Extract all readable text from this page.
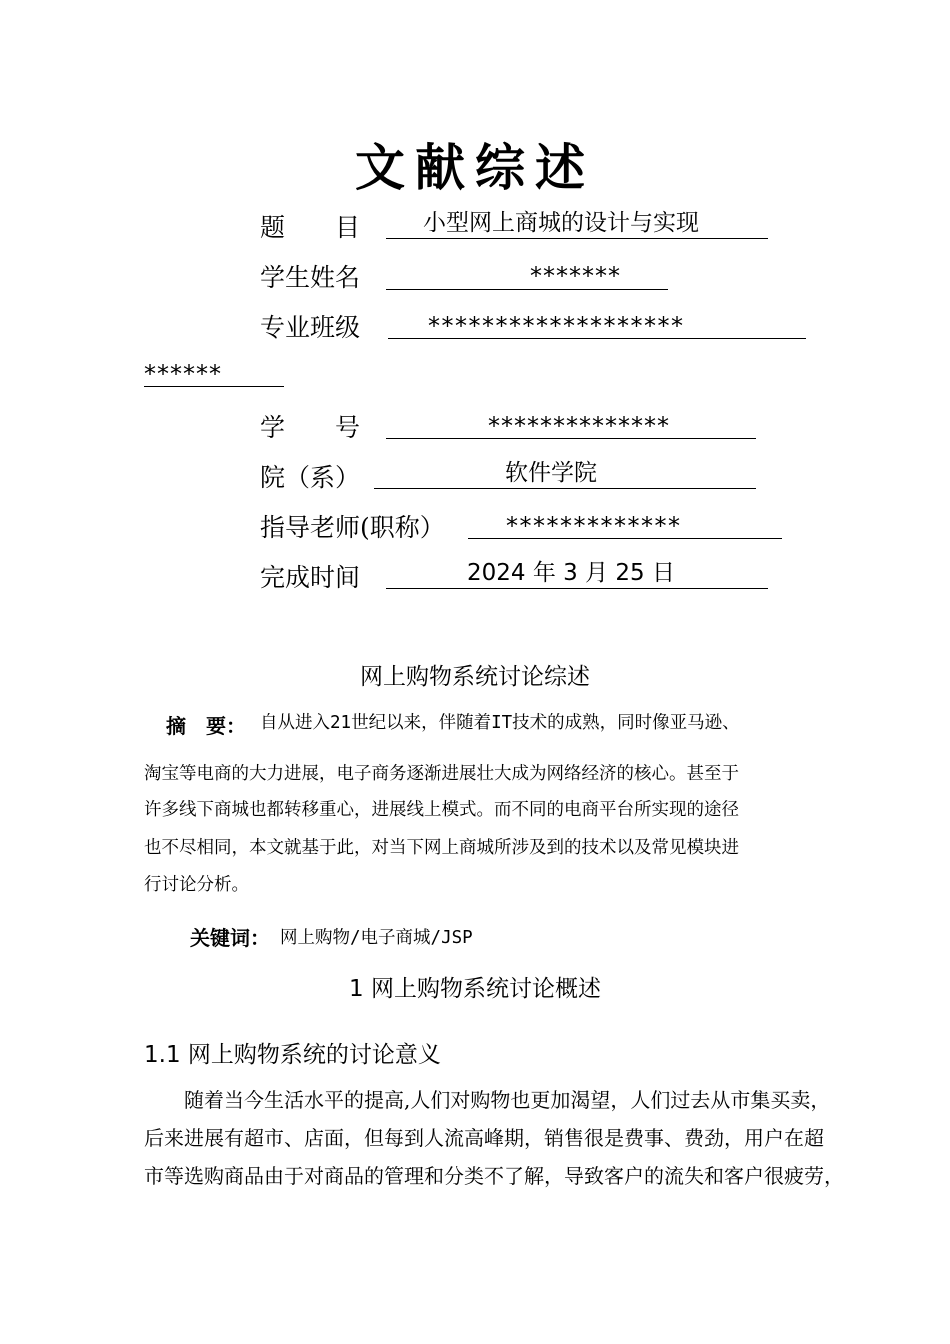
文献综述
题　　目	小型网上商城的设计与实现
学生姓名	*******
专业班级	*******************
******
学　　号	**************
院（系）	软件学院
指导老师(职称）	*************
完成时间	2024 年 3 月 25 日
网上购物系统讨论综述
摘　要： 自从进入21世纪以来，伴随着IT技术的成熟，同时像亚马逊、
淘宝等电商的大力进展，电子商务逐渐进展壮大成为网络经济的核心。甚至于
许多线下商城也都转移重心，进展线上模式。而不同的电商平台所实现的途径
也不尽相同，本文就基于此，对当下网上商城所涉及到的技术以及常见模块进
行讨论分析。
关键词： 网上购物/电子商城/JSP
1 网上购物系统讨论概述
1.1 网上购物系统的讨论意义
随着当今生活水平的提高,人们对购物也更加渴望，人们过去从市集买卖，
后来进展有超市、店面，但每到人流高峰期，销售很是费事、费劲，用户在超
市等选购商品由于对商品的管理和分类不了解，导致客户的流失和客户很疲劳，
